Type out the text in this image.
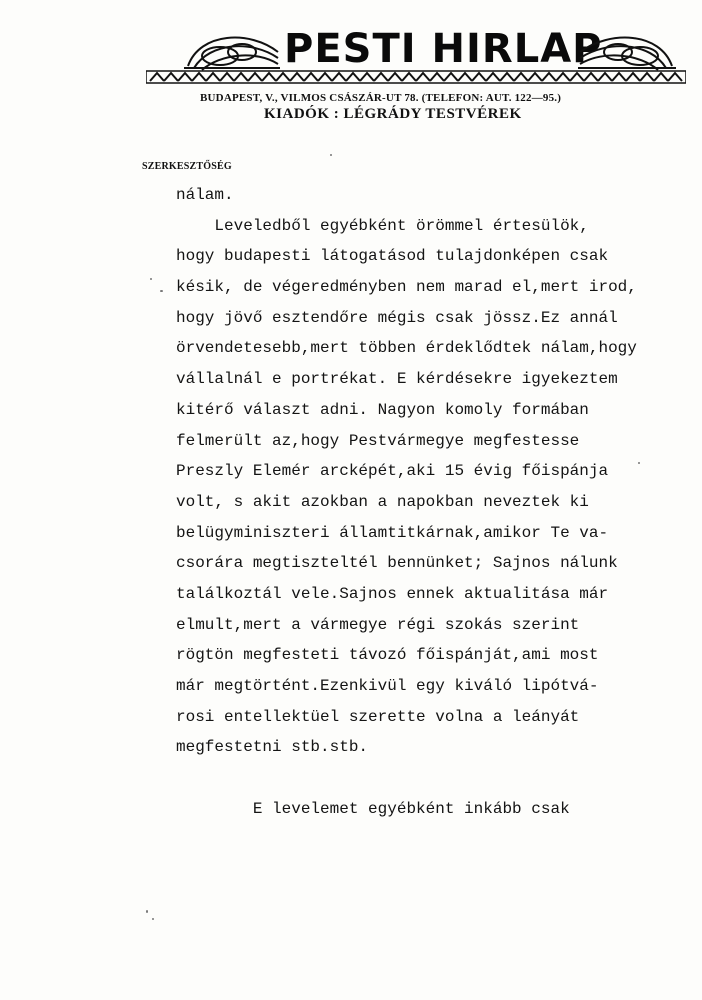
PESTI HIRLAP
BUDAPEST, V., VILMOS CSÁSZÁR-UT 78. (TELEFON: AUT. 122—95.)
KIADÓK : LÉGRÁDY TESTVÉREK
SZERKESZTŐSÉG
nálam.
Leveledből egyébként örömmel értesülök,
hogy budapesti látogatásod tulajdonképen csak
késik, de végeredményben nem marad el,mert irod,
hogy jövő esztendőre mégis csak jössz.Ez annál
örvendetesebb,mert többen érdeklődtek nálam,hogy
vállalnál e portrékat. E kérdésekre igyekeztem
kitérő választ adni. Nagyon komoly formában
felmerült az,hogy Pestvármegye megfestesse
Preszly Elemér arcképét,aki 15 évig főispánja
volt, s akit azokban a napokban neveztek ki
belügyminiszteri államtitkárnak,amikor Te va-
csorára megtiszteltél bennünket; Sajnos nálunk
találkoztál vele.Sajnos ennek aktualitása már
elmult,mert a vármegye régi szokás szerint
rögtön megfesteti távozó főispánját,ami most
már megtörtént.Ezenkivül egy kiváló lipótvá-
rosi entellektüel szerette volna a leányát
megfestetni stb.stb.
E levelemet egyébként inkább csak
